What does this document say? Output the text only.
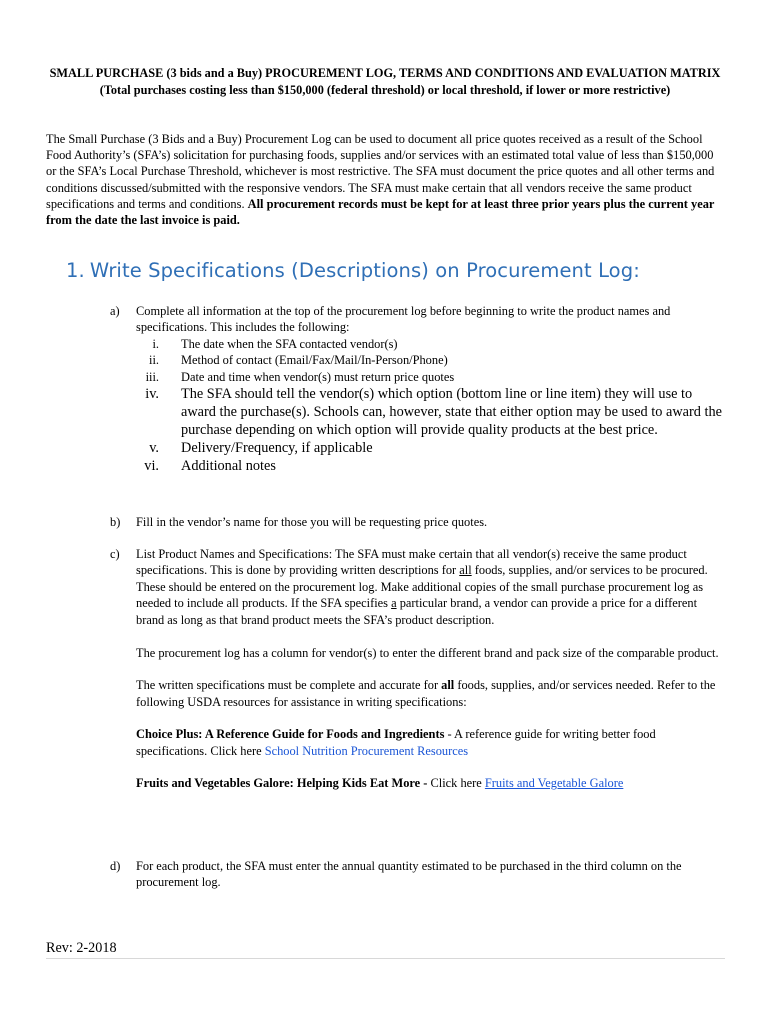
SMALL PURCHASE (3 bids and a Buy) PROCUREMENT LOG, TERMS AND CONDITIONS AND EVALUATION MATRIX
(Total purchases costing less than $150,000 (federal threshold) or local threshold, if lower or more restrictive)
The Small Purchase (3 Bids and a Buy) Procurement Log can be used to document all price quotes received as a result of the School Food Authority’s (SFA’s) solicitation for purchasing foods, supplies and/or services with an estimated total value of less than $150,000 or the SFA’s Local Purchase Threshold, whichever is most restrictive. The SFA must document the price quotes and all other terms and conditions discussed/submitted with the responsive vendors. The SFA must make certain that all vendors receive the same product specifications and terms and conditions. All procurement records must be kept for at least three prior years plus the current year from the date the last invoice is paid.
1. Write Specifications (Descriptions) on Procurement Log:
a) Complete all information at the top of the procurement log before beginning to write the product names and specifications. This includes the following:

i. The date when the SFA contacted vendor(s)
ii. Method of contact (Email/Fax/Mail/In-Person/Phone)
iii. Date and time when vendor(s) must return price quotes
iv. The SFA should tell the vendor(s) which option (bottom line or line item) they will use to award the purchase(s). Schools can, however, state that either option may be used to award the purchase depending on which option will provide quality products at the best price.
v. Delivery/Frequency, if applicable
vi. Additional notes
b) Fill in the vendor’s name for those you will be requesting price quotes.

c) List Product Names and Specifications: The SFA must make certain that all vendor(s) receive the same product specifications. This is done by providing written descriptions for all foods, supplies, and/or services to be procured. These should be entered on the procurement log. Make additional copies of the small purchase procurement log as needed to include all products. If the SFA specifies a particular brand, a vendor can provide a price for a different brand as long as that brand product meets the SFA’s product description.

The procurement log has a column for vendor(s) to enter the different brand and pack size of the comparable product.

The written specifications must be complete and accurate for all foods, supplies, and/or services needed. Refer to the following USDA resources for assistance in writing specifications:

Choice Plus: A Reference Guide for Foods and Ingredients - A reference guide for writing better food specifications. Click here School Nutrition Procurement Resources

Fruits and Vegetables Galore: Helping Kids Eat More - Click here Fruits and Vegetable Galore

d) For each product, the SFA must enter the annual quantity estimated to be purchased in the third column on the procurement log.

Rev: 2-2018
